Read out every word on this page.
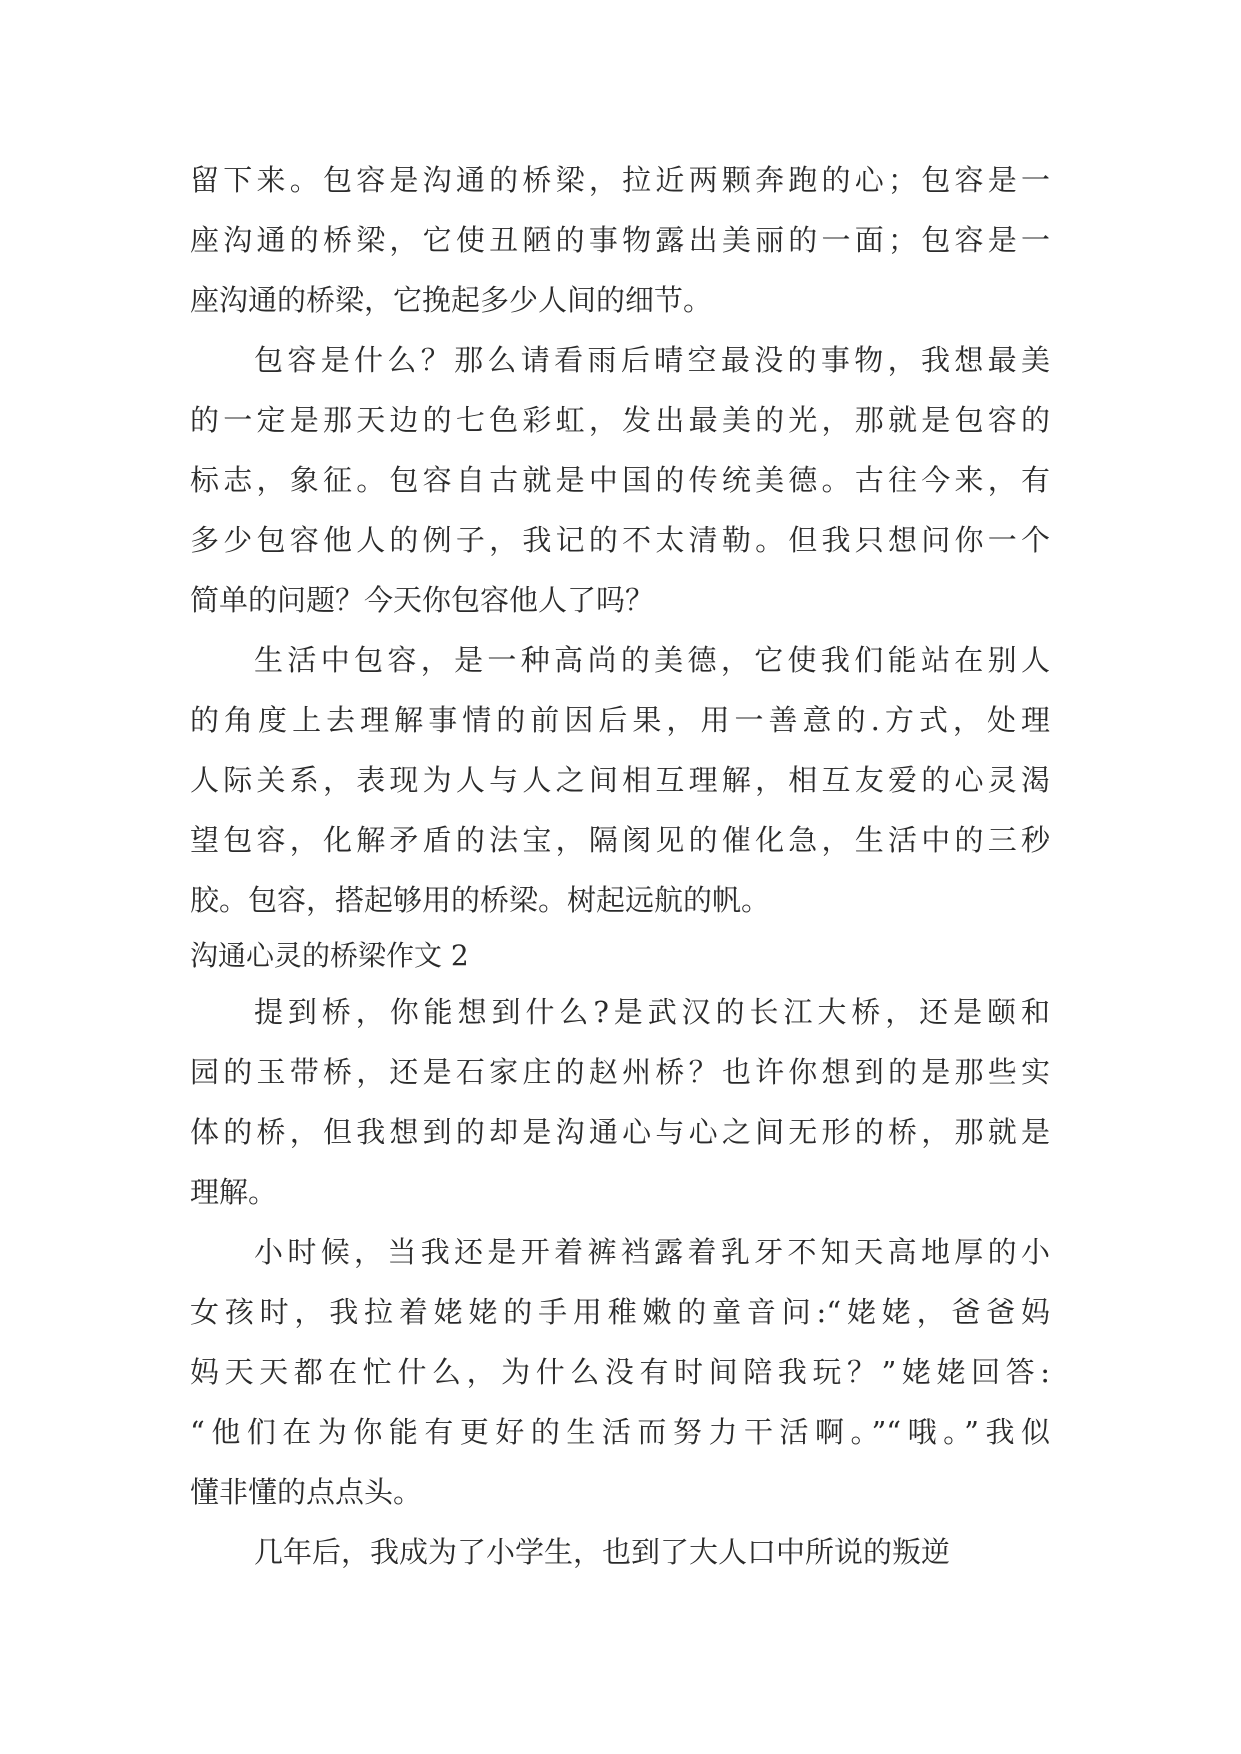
留下来。包容是沟通的桥梁，拉近两颗奔跑的心；包容是一
座沟通的桥梁，它使丑陋的事物露出美丽的一面；包容是一
座沟通的桥梁，它挽起多少人间的细节。
包容是什么？那么请看雨后晴空最没的事物，我想最美
的一定是那天边的七色彩虹，发出最美的光，那就是包容的
标志，象征。包容自古就是中国的传统美德。古往今来，有
多少包容他人的例子，我记的不太清勒。但我只想问你一个
简单的问题？今天你包容他人了吗？
生活中包容，是一种高尚的美德，它使我们能站在别人
的角度上去理解事情的前因后果，用一善意的.方式，处理
人际关系，表现为人与人之间相互理解，相互友爱的心灵渴
望包容，化解矛盾的法宝，隔阂见的催化急，生活中的三秒
胶。包容，搭起够用的桥梁。树起远航的帆。
沟通心灵的桥梁作文 2
提到桥，你能想到什么?是武汉的长江大桥，还是颐和
园的玉带桥，还是石家庄的赵州桥？也许你想到的是那些实
体的桥，但我想到的却是沟通心与心之间无形的桥，那就是
理解。
小时候，当我还是开着裤裆露着乳牙不知天高地厚的小
女孩时，我拉着姥姥的手用稚嫩的童音问:“姥姥，爸爸妈
妈天天都在忙什么，为什么没有时间陪我玩？”姥姥回答:
“他们在为你能有更好的生活而努力干活啊。”“哦。”我似
懂非懂的点点头。
几年后，我成为了小学生，也到了大人口中所说的叛逆
